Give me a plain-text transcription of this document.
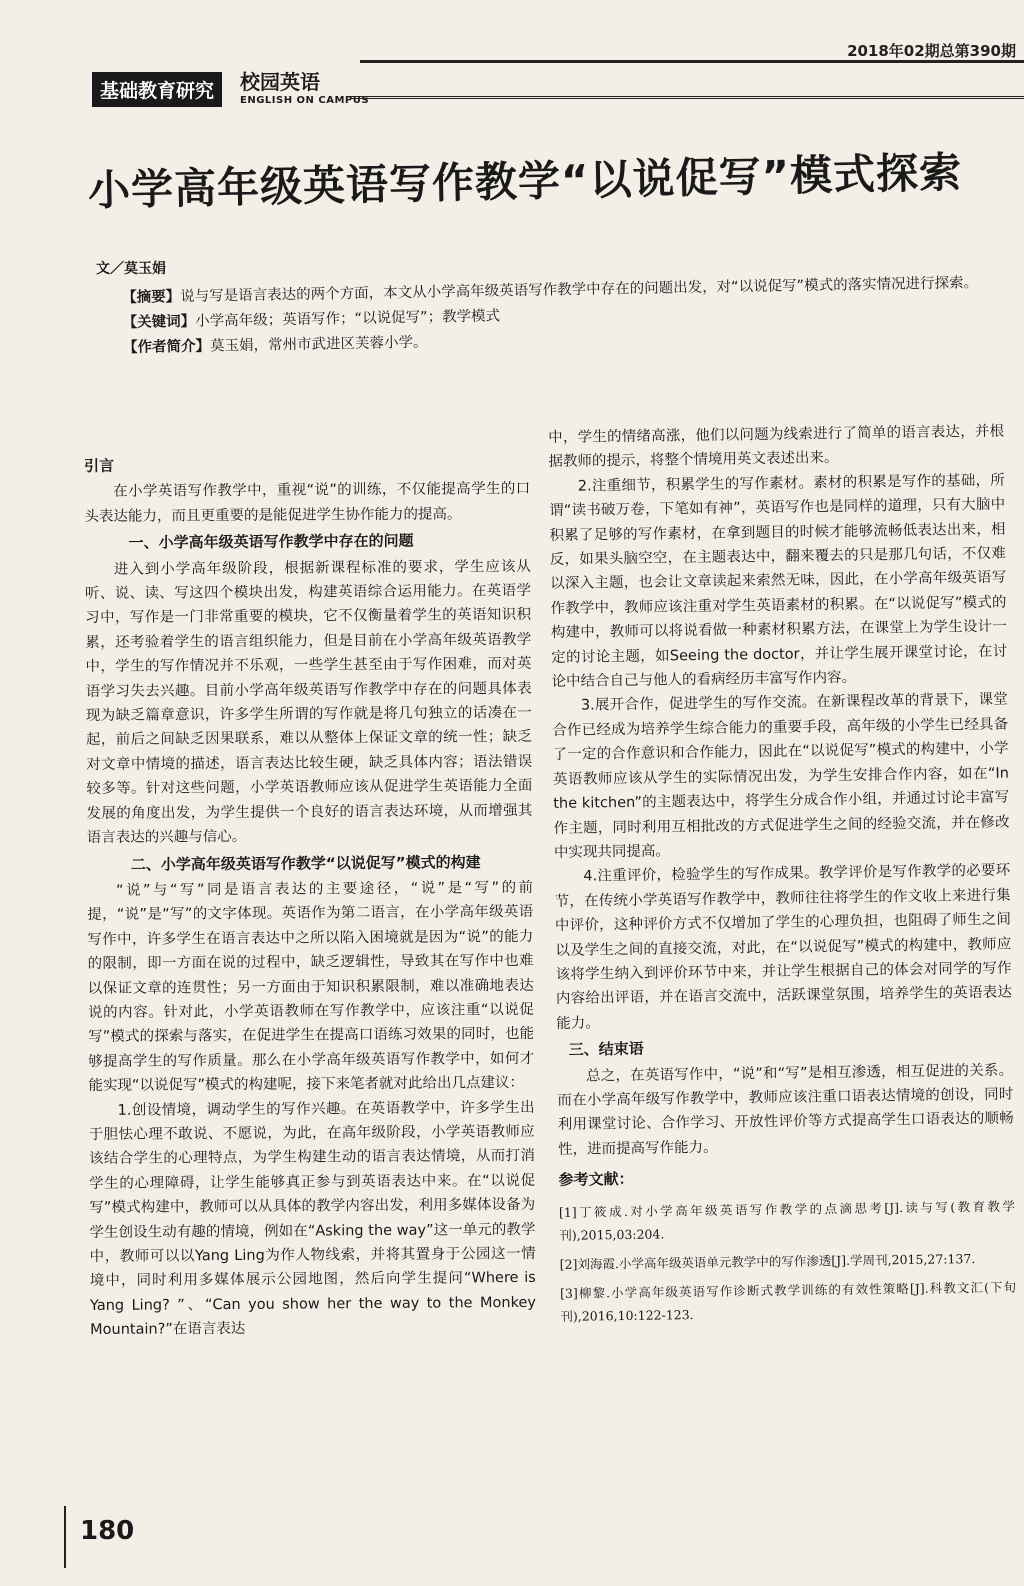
2018年02期总第390期
基础教育研究	校园英语
ENGLISH ON CAMPUS
小学高年级英语写作教学“以说促写”模式探索
文／莫玉娟

【摘要】说与写是语言表达的两个方面，本文从小学高年级英语写作教学中存在的问题出发，对“以说促写”模式的落实情况进行探索。

【关键词】小学高年级；英语写作；“以说促写”；教学模式

【作者简介】莫玉娟，常州市武进区芙蓉小学。

引言

在小学英语写作教学中，重视“说”的训练，不仅能提高学生的口头表达能力，而且更重要的是能促进学生协作能力的提高。

一、小学高年级英语写作教学中存在的问题

进入到小学高年级阶段，根据新课程标准的要求，学生应该从听、说、读、写这四个模块出发，构建英语综合运用能力。在英语学习中，写作是一门非常重要的模块，它不仅衡量着学生的英语知识积累，还考验着学生的语言组织能力，但是目前在小学高年级英语教学中，学生的写作情况并不乐观，一些学生甚至由于写作困难，而对英语学习失去兴趣。目前小学高年级英语写作教学中存在的问题具体表现为缺乏篇章意识，许多学生所谓的写作就是将几句独立的话凑在一起，前后之间缺乏因果联系，难以从整体上保证文章的统一性；缺乏对文章中情境的描述，语言表达比较生硬，缺乏具体内容；语法错误较多等。针对这些问题，小学英语教师应该从促进学生英语能力全面发展的角度出发，为学生提供一个良好的语言表达环境，从而增强其语言表达的兴趣与信心。

二、小学高年级英语写作教学“以说促写”模式的构建

“说”与“写”同是语言表达的主要途径，“说”是“写”的前提，“说”是“写”的文字体现。英语作为第二语言，在小学高年级英语写作中，许多学生在语言表达中之所以陷入困境就是因为“说”的能力的限制，即一方面在说的过程中，缺乏逻辑性，导致其在写作中也难以保证文章的连贯性；另一方面由于知识积累限制，难以准确地表达说的内容。针对此，小学英语教师在写作教学中，应该注重“以说促写”模式的探索与落实，在促进学生在提高口语练习效果的同时，也能够提高学生的写作质量。那么在小学高年级英语写作教学中，如何才能实现“以说促写”模式的构建呢，接下来笔者就对此给出几点建议：

1.创设情境，调动学生的写作兴趣。在英语教学中，许多学生出于胆怯心理不敢说、不愿说，为此，在高年级阶段，小学英语教师应该结合学生的心理特点，为学生构建生动的语言表达情境，从而打消学生的心理障碍，让学生能够真正参与到英语表达中来。在“以说促写”模式构建中，教师可以从具体的教学内容出发，利用多媒体设备为学生创设生动有趣的情境，例如在“Asking the way”这一单元的教学中，教师可以以Yang Ling为作人物线索，并将其置身于公园这一情境中，同时利用多媒体展示公园地图，然后向学生提问“Where is Yang Ling? ”、“Can you show her the way to the Monkey Mountain?”在语言表达

中，学生的情绪高涨，他们以问题为线索进行了简单的语言表达，并根据教师的提示，将整个情境用英文表述出来。

2.注重细节，积累学生的写作素材。素材的积累是写作的基础，所谓“读书破万卷，下笔如有神”，英语写作也是同样的道理，只有大脑中积累了足够的写作素材，在拿到题目的时候才能够流畅低表达出来，相反，如果头脑空空，在主题表达中，翻来覆去的只是那几句话，不仅难以深入主题，也会让文章读起来索然无味，因此，在小学高年级英语写作教学中，教师应该注重对学生英语素材的积累。在“以说促写”模式的构建中，教师可以将说看做一种素材积累方法，在课堂上为学生设计一定的讨论主题，如Seeing the doctor，并让学生展开课堂讨论，在讨论中结合自己与他人的看病经历丰富写作内容。

3.展开合作，促进学生的写作交流。在新课程改革的背景下，课堂合作已经成为培养学生综合能力的重要手段，高年级的小学生已经具备了一定的合作意识和合作能力，因此在“以说促写”模式的构建中，小学英语教师应该从学生的实际情况出发，为学生安排合作内容，如在“In the kitchen”的主题表达中，将学生分成合作小组，并通过讨论丰富写作主题，同时利用互相批改的方式促进学生之间的经验交流，并在修改中实现共同提高。

4.注重评价，检验学生的写作成果。教学评价是写作教学的必要环节，在传统小学英语写作教学中，教师往往将学生的作文收上来进行集中评价，这种评价方式不仅增加了学生的心理负担，也阻碍了师生之间以及学生之间的直接交流，对此，在“以说促写”模式的构建中，教师应该将学生纳入到评价环节中来，并让学生根据自己的体会对同学的写作内容给出评语，并在语言交流中，活跃课堂氛围，培养学生的英语表达能力。

三、结束语

总之，在英语写作中，“说”和“写”是相互渗透，相互促进的关系。而在小学高年级写作教学中，教师应该注重口语表达情境的创设，同时利用课堂讨论、合作学习、开放性评价等方式提高学生口语表达的顺畅性，进而提高写作能力。

参考文献：

[1]丁筱成.对小学高年级英语写作教学的点滴思考[J].读与写(教育教学刊),2015,03:204.

[2]刘海霞.小学高年级英语单元教学中的写作渗透[J].学周刊,2015,27:137.

[3]柳黎.小学高年级英语写作诊断式教学训练的有效性策略[J].科教文汇(下旬刊),2016,10:122-123.

180
